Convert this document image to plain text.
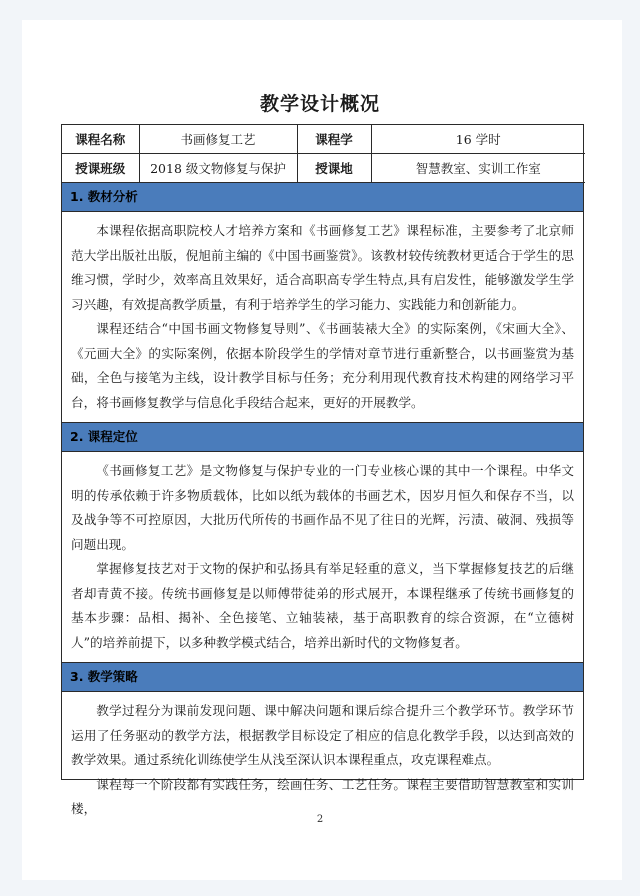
教学设计概况
课程名称	书画修复工艺	课程学	16 学时
授课班级	2018 级文物修复与保护	授课地	智慧教室、实训工作室
1. 教材分析

本课程依据高职院校人才培养方案和《书画修复工艺》课程标准，主要参考了北京师范大学出版社出版，倪旭前主编的《中国书画鉴赏》。该教材较传统教材更适合于学生的思维习惯，学时少，效率高且效果好，适合高职高专学生特点,具有启发性，能够激发学生学习兴趣，有效提高教学质量，有利于培养学生的学习能力、实践能力和创新能力。

课程还结合“中国书画文物修复导则”、《书画装裱大全》的实际案例，《宋画大全》、《元画大全》的实际案例，依据本阶段学生的学情对章节进行重新整合，以书画鉴赏为基础，全色与接笔为主线，设计教学目标与任务；充分利用现代教育技术构建的网络学习平台，将书画修复教学与信息化手段结合起来，更好的开展教学。

2. 课程定位

《书画修复工艺》是文物修复与保护专业的一门专业核心课的其中一个课程。中华文明的传承依赖于许多物质载体，比如以纸为载体的书画艺术，因岁月恒久和保存不当，以及战争等不可控原因，大批历代所传的书画作品不见了往日的光辉，污渍、破洞、残损等问题出现。

掌握修复技艺对于文物的保护和弘扬具有举足轻重的意义，当下掌握修复技艺的后继者却青黄不接。传统书画修复是以师傅带徒弟的形式展开，本课程继承了传统书画修复的基本步骤：品相、揭补、全色接笔、立轴装裱，基于高职教育的综合资源，在“立德树人”的培养前提下，以多种教学模式结合，培养出新时代的文物修复者。

3. 教学策略

教学过程分为课前发现问题、课中解决问题和课后综合提升三个教学环节。教学环节运用了任务驱动的教学方法，根据教学目标设定了相应的信息化教学手段，以达到高效的教学效果。通过系统化训练使学生从浅至深认识本课程重点，攻克课程难点。

课程每一个阶段都有实践任务，绘画任务、工艺任务。课程主要借助智慧教室和实训楼，

2
